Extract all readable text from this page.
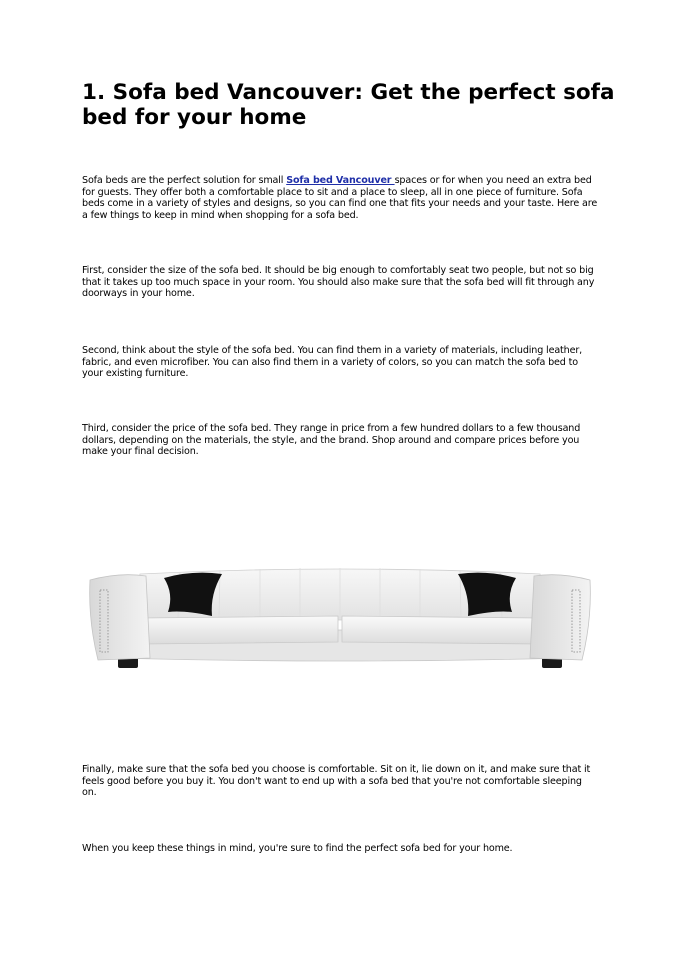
1. Sofa bed Vancouver: Get the perfect sofa bed for your home

Sofa beds are the perfect solution for small Sofa bed Vancouver spaces or for when you need an extra bed for guests. They offer both a comfortable place to sit and a place to sleep, all in one piece of furniture. Sofa beds come in a variety of styles and designs, so you can find one that fits your needs and your taste. Here are a few things to keep in mind when shopping for a sofa bed.

First, consider the size of the sofa bed. It should be big enough to comfortably seat two people, but not so big that it takes up too much space in your room. You should also make sure that the sofa bed will fit through any doorways in your home.

Second, think about the style of the sofa bed. You can find them in a variety of materials, including leather, fabric, and even microfiber. You can also find them in a variety of colors, so you can match the sofa bed to your existing furniture.

Third, consider the price of the sofa bed. They range in price from a few hundred dollars to a few thousand dollars, depending on the materials, the style, and the brand. Shop around and compare prices before you make your final decision.

Finally, make sure that the sofa bed you choose is comfortable. Sit on it, lie down on it, and make sure that it feels good before you buy it. You don't want to end up with a sofa bed that you're not comfortable sleeping on.

When you keep these things in mind, you're sure to find the perfect sofa bed for your home.
